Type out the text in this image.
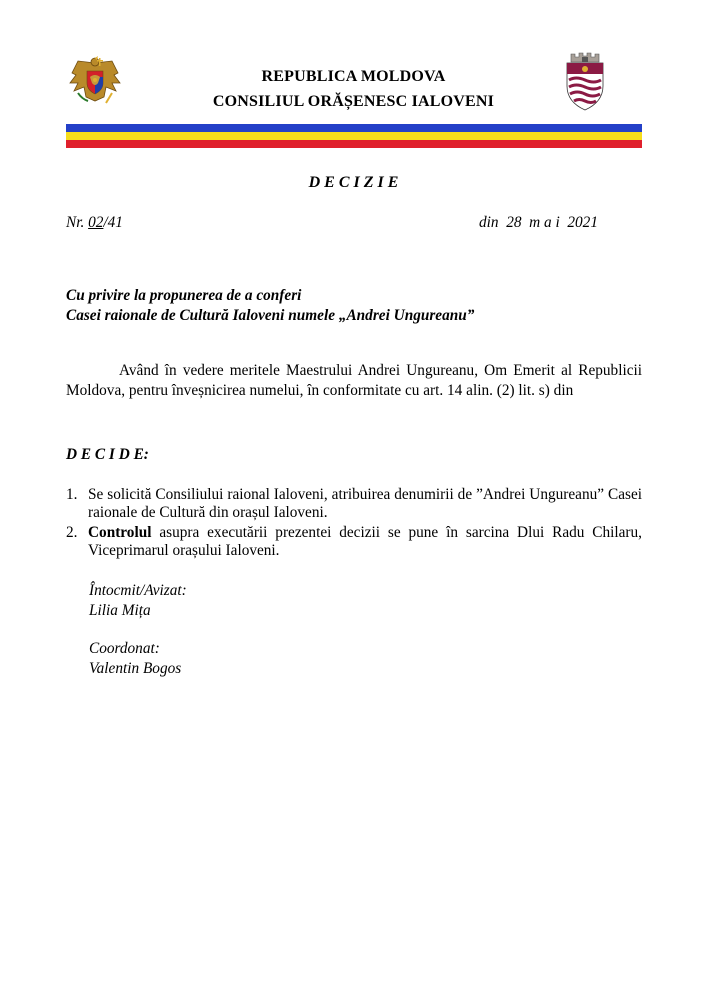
REPUBLICA MOLDOVA
CONSILIUL ORĂȘENESC IALOVENI
D E C I Z I E
Nr. 02/41	din  28  m a i  2021
Cu privire la propunerea de a conferi
Casei raionale de Cultură Ialoveni numele „Andrei Ungureanu”
Având în vedere meritele Maestrului Andrei Ungureanu, Om Emerit al Republicii Moldova, pentru înveșnicirea numelui, în conformitate cu art. 14 alin. (2) lit. s) din
D E C I D E:
1. Se solicită Consiliului raional Ialoveni, atribuirea denumirii de ”Andrei Ungureanu” Casei raionale de Cultură din orașul Ialoveni.
2. Controlul asupra executării prezentei decizii se pune în sarcina Dlui Radu Chilaru, Viceprimarul orașului Ialoveni.
Întocmit/Avizat:
Lilia Mița
Coordonat:
Valentin Bogos
